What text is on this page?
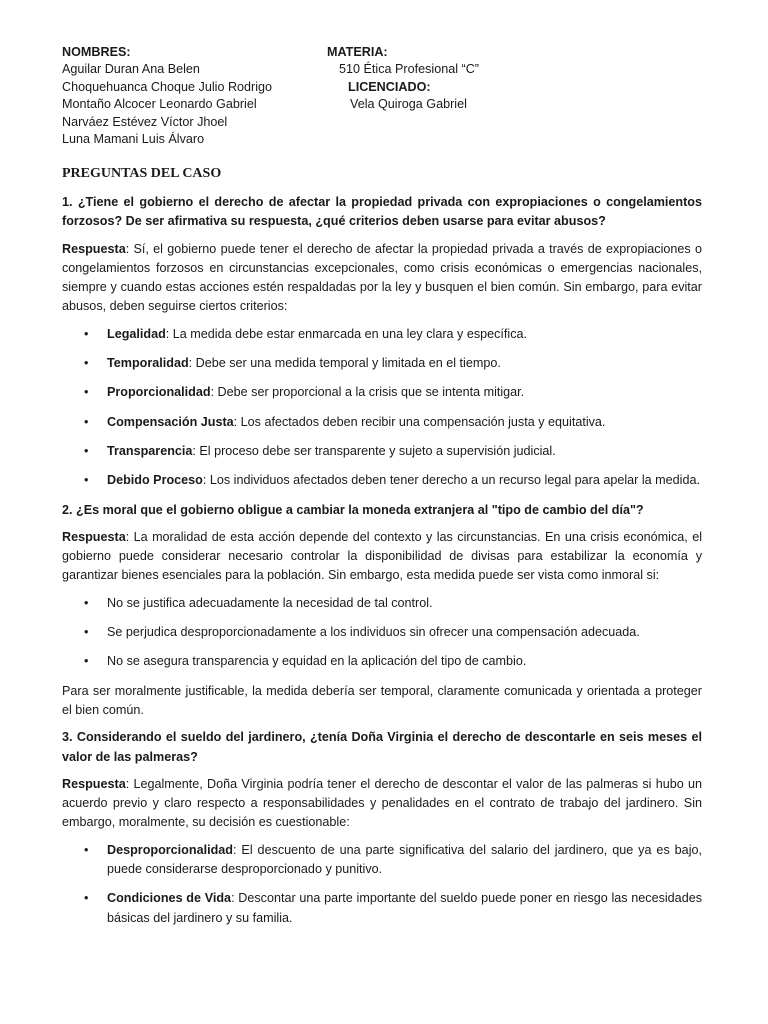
NOMBRES:
Aguilar Duran Ana Belen
Choquehuanca Choque Julio Rodrigo
Montaño Alcocer Leonardo Gabriel
Narváez Estévez Víctor Jhoel
Luna Mamani Luis Álvaro
MATERIA:
510 Ética Profesional “C”
LICENCIADO:
Vela Quiroga Gabriel
PREGUNTAS DEL CASO
1. ¿Tiene el gobierno el derecho de afectar la propiedad privada con expropiaciones o congelamientos forzosos? De ser afirmativa su respuesta, ¿qué criterios deben usarse para evitar abusos?
Respuesta: Sí, el gobierno puede tener el derecho de afectar la propiedad privada a través de expropiaciones o congelamientos forzosos en circunstancias excepcionales, como crisis económicas o emergencias nacionales, siempre y cuando estas acciones estén respaldadas por la ley y busquen el bien común. Sin embargo, para evitar abusos, deben seguirse ciertos criterios:
• Legalidad: La medida debe estar enmarcada en una ley clara y específica.
• Temporalidad: Debe ser una medida temporal y limitada en el tiempo.
• Proporcionalidad: Debe ser proporcional a la crisis que se intenta mitigar.
• Compensación Justa: Los afectados deben recibir una compensación justa y equitativa.
• Transparencia: El proceso debe ser transparente y sujeto a supervisión judicial.
• Debido Proceso: Los individuos afectados deben tener derecho a un recurso legal para apelar la medida.
2. ¿Es moral que el gobierno obligue a cambiar la moneda extranjera al "tipo de cambio del día"?
Respuesta: La moralidad de esta acción depende del contexto y las circunstancias. En una crisis económica, el gobierno puede considerar necesario controlar la disponibilidad de divisas para estabilizar la economía y garantizar bienes esenciales para la población. Sin embargo, esta medida puede ser vista como inmoral si:
• No se justifica adecuadamente la necesidad de tal control.
• Se perjudica desproporcionadamente a los individuos sin ofrecer una compensación adecuada.
• No se asegura transparencia y equidad en la aplicación del tipo de cambio.
Para ser moralmente justificable, la medida debería ser temporal, claramente comunicada y orientada a proteger el bien común.
3. Considerando el sueldo del jardinero, ¿tenía Doña Virginia el derecho de descontarle en seis meses el valor de las palmeras?
Respuesta: Legalmente, Doña Virginia podría tener el derecho de descontar el valor de las palmeras si hubo un acuerdo previo y claro respecto a responsabilidades y penalidades en el contrato de trabajo del jardinero. Sin embargo, moralmente, su decisión es cuestionable:
• Desproporcionalidad: El descuento de una parte significativa del salario del jardinero, que ya es bajo, puede considerarse desproporcionado y punitivo.
• Condiciones de Vida: Descontar una parte importante del sueldo puede poner en riesgo las necesidades básicas del jardinero y su familia.
